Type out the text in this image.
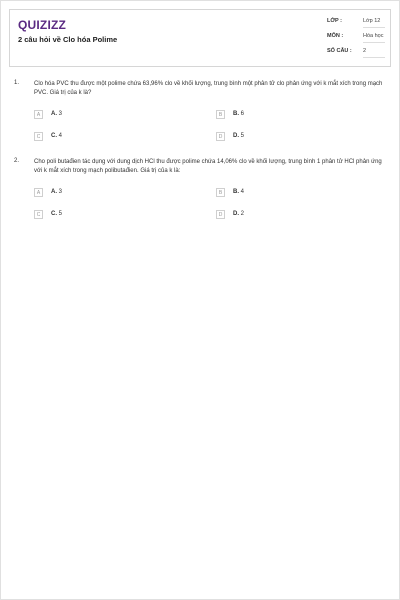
QUIZIZZ
2 câu hỏi về Clo hóa Polime
LỚP :	Lớp 12
MÔN :	Hóa học
SỐ CÂU : 2
1. Clo hóa PVC thu được một polime chứa 63,96% clo về khối lượng, trung bình một phân tử clo phản ứng với k mắt xích trong mạch PVC. Giá trị của k là?
A	A. 3	B	B. 6
C	C. 4	D	D. 5
2. Cho poli butađien tác dụng với dung dịch HCl thu được polime chứa 14,06% clo về khối lượng, trung bình 1 phân tử HCl phản ứng với k mắt xích trong mạch polibutađien. Giá trị của k là:
A	A. 3	B	B. 4
C	C. 5	D	D. 2
